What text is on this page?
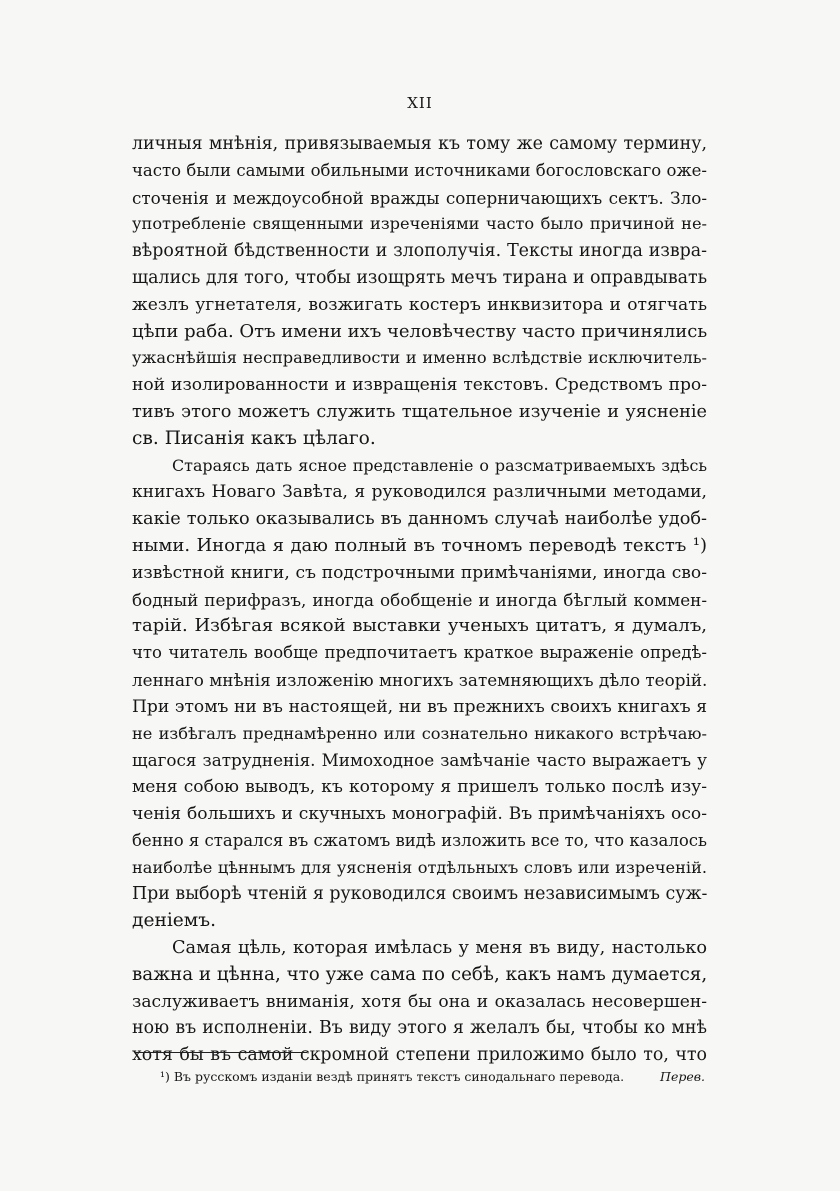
XII
личныя мнѣнія, привязываемыя къ тому же самому термину,
часто были самыми обильными источниками богословскаго оже-
сточенія и междоусобной вражды соперничающихъ сектъ. Зло-
употребленіе священными изреченіями часто было причиной не-
вѣроятной бѣдственности и злополучія. Тексты иногда извра-
щались для того, чтобы изощрять мечъ тирана и оправдывать
жезлъ угнетателя, возжигать костеръ инквизитора и отягчать
цѣпи раба. Отъ имени ихъ человѣчеству часто причинялись
ужаснѣйшія несправедливости и именно вслѣдствіе исключитель-
ной изолированности и извращенія текстовъ. Средствомъ про-
тивъ этого можетъ служить тщательное изученіе и уясненіе
св. Писанія какъ цѣлаго.
Стараясь дать ясное представленіе о разсматриваемыхъ здѣсь
книгахъ Новаго Завѣта, я руководился различными методами,
какіе только оказывались въ данномъ случаѣ наиболѣе удоб-
ными. Иногда я даю полный въ точномъ переводѣ текстъ ¹)
извѣстной книги, съ подстрочными примѣчаніями, иногда сво-
бодный перифразъ, иногда обобщеніе и иногда бѣглый коммен-
тарій. Избѣгая всякой выставки ученыхъ цитатъ, я думалъ,
что читатель вообще предпочитаетъ краткое выраженіе опредѣ-
леннаго мнѣнія изложенію многихъ затемняющихъ дѣло теорій.
При этомъ ни въ настоящей, ни въ прежнихъ своихъ книгахъ я
не избѣгалъ преднамѣренно или сознательно никакого встрѣчаю-
щагося затрудненія. Мимоходное замѣчаніе часто выражаетъ у
меня собою выводъ, къ которому я пришелъ только послѣ изу-
ченія большихъ и скучныхъ монографій. Въ примѣчаніяхъ осо-
бенно я старался въ сжатомъ видѣ изложить все то, что казалось
наиболѣе цѣннымъ для уясненія отдѣльныхъ словъ или изреченій.
При выборѣ чтеній я руководился своимъ независимымъ суж-
деніемъ.
Самая цѣль, которая имѣлась у меня въ виду, настолько
важна и цѣнна, что уже сама по себѣ, какъ намъ думается,
заслуживаетъ вниманія, хотя бы она и оказалась несовершен-
ною въ исполненіи. Въ виду этого я желалъ бы, чтобы ко мнѣ
хотя бы въ самой скромной степени приложимо было то, что
¹) Въ русскомъ изданіи вездѣ принятъ текстъ синодальнаго перевода.	Перев.
